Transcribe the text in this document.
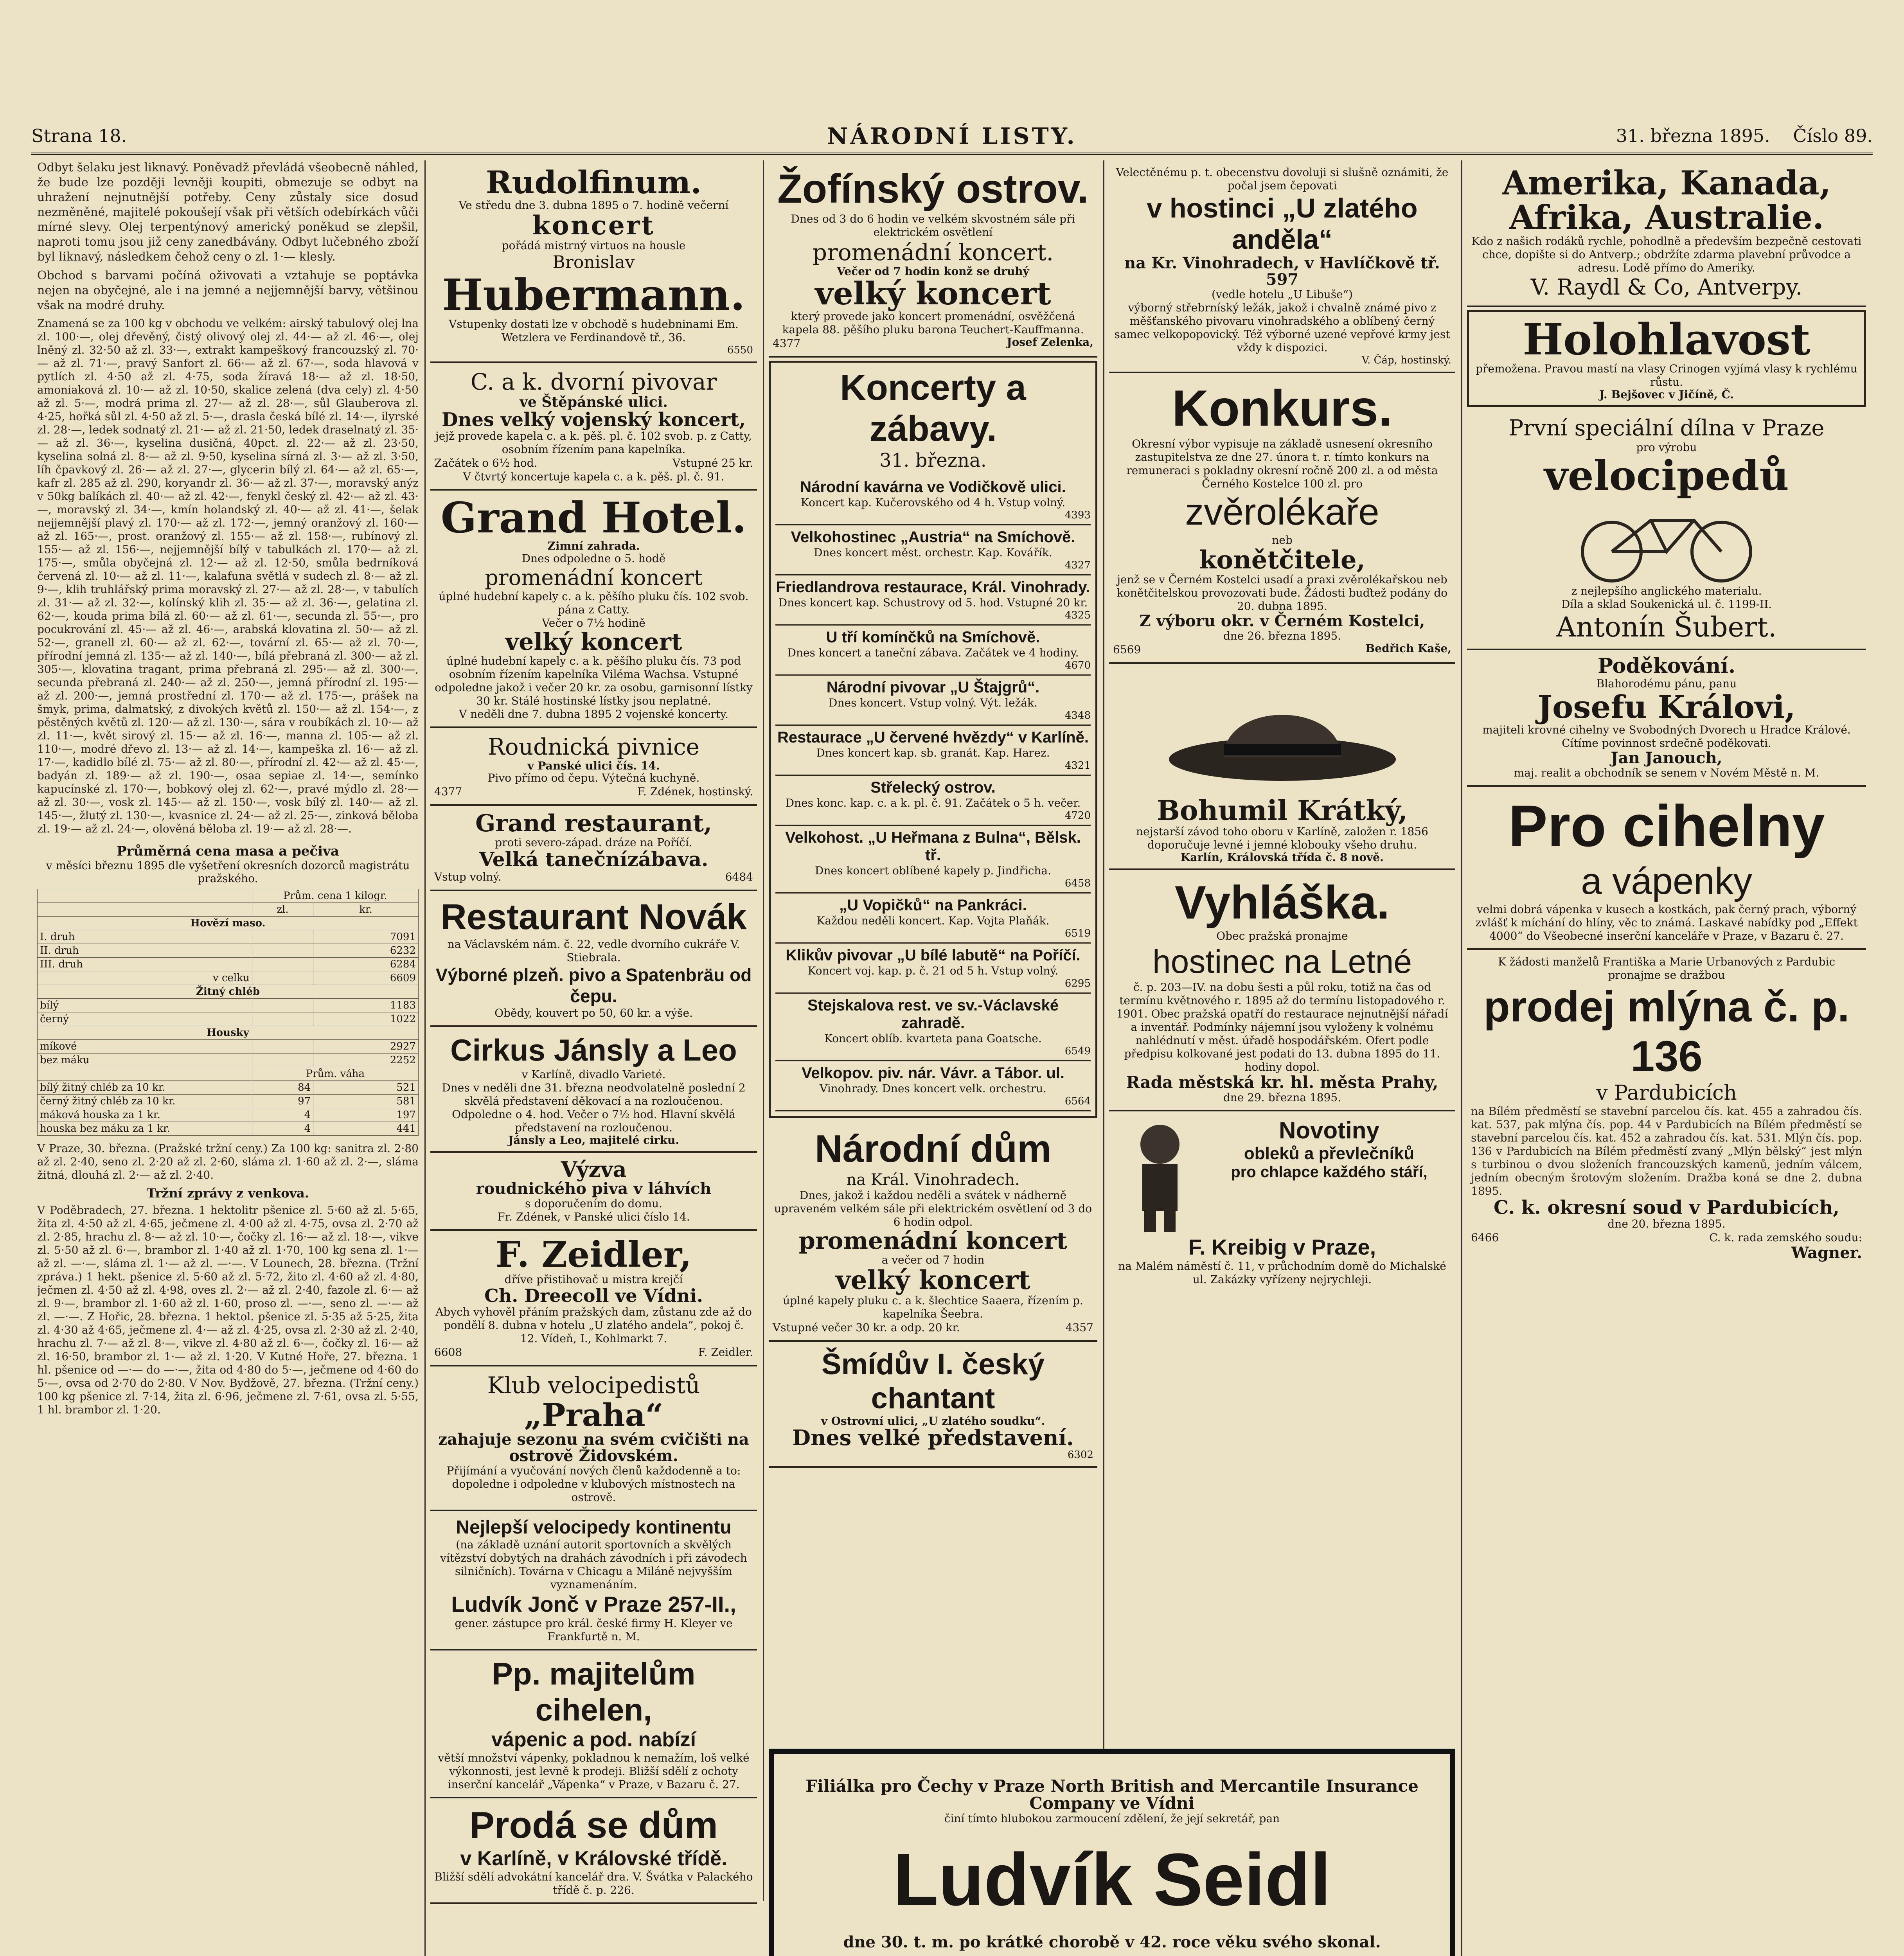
Strana 18.	NÁRODNÍ LISTY.	31. března 1895. Číslo 89.

Odbyt šelaku jest liknavý. Poněvadž převládá všeobecně náhled, že bude lze později levněji koupiti, obmezuje se odbyt na uhražení nejnutnější potřeby. Ceny zůstaly sice dosud nezměněné, majitelé pokoušejí však při větších odebírkách vůči mírné slevy. Olej terpentýnový americký poněkud se zlepšil, naproti tomu jsou již ceny zanedbávány. Odbyt lučebného zboží byl liknavý, následkem čehož ceny o zl. 1·— klesly.

Obchod s barvami počíná oživovati a vztahuje se poptávka nejen na obyčejné, ale i na jemné a nejjemnější barvy, většinou však na modré druhy.

Znamená se za 100 kg v obchodu ve velkém: airský tabulový olej lna zl. 100·—, olej dřevěný, čistý olivový olej zl. 44·— až zl. 46·—, olej lněný zl. 32·50 až zl. 33·—, extrakt kampeškový francouzský zl. 70·— až zl. 71·—, pravý Sanfort zl. 66·— až zl. 67·—, soda hlavová v pytlích zl. 4·50 až zl. 4·75, soda žíravá 18·— až zl. 18·50, amoniaková zl. 10·— až zl. 10·50, skalice zelená (dva cely) zl. 4·50 až zl. 5·—, modrá prima zl. 27·— až zl. 28·—, sůl Glauberova zl. 4·25, hořká sůl zl. 4·50 až zl. 5·—, drasla česká bílé zl. 14·—, ilyrské zl. 28·—, ledek sodnatý zl. 21·— až zl. 21·50, ledek draselnatý zl. 35·— až zl. 36·—, kyselina dusičná, 40pct. zl. 22·— až zl. 23·50, kyselina solná zl. 8·— až zl. 9·50, kyselina sírná zl. 3·— až zl. 3·50, líh čpavkový zl. 26·— až zl. 27·—, glycerin bílý zl. 64·— až zl. 65·—, kafr zl. 285 až zl. 290, koryandr zl. 36·— až zl. 37·—, moravský anýz v 50kg balíkách zl. 40·— až zl. 42·—, fenykl český zl. 42·— až zl. 43·—, moravský zl. 34·—, kmín holandský zl. 40·— až zl. 41·—, šelak nejjemnější plavý zl. 170·— až zl. 172·—, jemný oranžový zl. 160·— až zl. 165·—, prost. oranžový zl. 155·— až zl. 158·—, rubínový zl. 155·— až zl. 156·—, nejjemnější bílý v tabulkách zl. 170·— až zl. 175·—, smůla obyčejná zl. 12·— až zl. 12·50, smůla bedrníková červená zl. 10·— až zl. 11·—, kalafuna světlá v sudech zl. 8·— až zl. 9·—, klih truhlářský prima moravský zl. 27·— až zl. 28·—, v tabulích zl. 31·— až zl. 32·—, kolínský klih zl. 35·— až zl. 36·—, gelatina zl. 62·—, kouda prima bílá zl. 60·— až zl. 61·—, secunda zl. 55·—, pro pocukrování zl. 45·— až zl. 46·—, arabská klovatina zl. 50·— až zl. 52·—, granell zl. 60·— až zl. 62·—, tovární zl. 65·— až zl. 70·—, přírodní jemná zl. 135·— až zl. 140·—, bílá přebraná zl. 300·— až zl. 305·—, klovatina tragant, prima přebraná zl. 295·— až zl. 300·—, secunda přebraná zl. 240·— až zl. 250·—, jemná přírodní zl. 195·— až zl. 200·—, jemná prostřední zl. 170·— až zl. 175·—, prášek na šmyk, prima, dalmatský, z divokých květů zl. 150·— až zl. 154·—, z pěstěných květů zl. 120·— až zl. 130·—, sára v roubíkách zl. 10·— až zl. 11·—, květ sirový zl. 15·— až zl. 16·—, manna zl. 105·— až zl. 110·—, modré dřevo zl. 13·— až zl. 14·—, kampeška zl. 16·— až zl. 17·—, kadidlo bílé zl. 75·— až zl. 80·—, přírodní zl. 42·— až zl. 45·—, badyán zl. 189·— až zl. 190·—, osaa sepiae zl. 14·—, semínko kapucínské zl. 170·—, bobkový olej zl. 62·—, pravé mýdlo zl. 28·— až zl. 30·—, vosk zl. 145·— až zl. 150·—, vosk bílý zl. 140·— až zl. 145·—, žlutý zl. 130·—, kvasnice zl. 24·— až zl. 25·—, zinková běloba zl. 19·— až zl. 24·—, olověná běloba zl. 19·— až zl. 28·—.

Průměrná cena masa a pečiva
v měsíci březnu 1895 dle vyšetření okresních dozorců magistrátu pražského.
	Prům. cena 1 kilogr.	
	zl.	kr.
Hovězí maso.		
I. druh		7091
II. druh		6232
III. druh		6284
v celku		6609
Žitný chléb		
bílý		1183
černý		1022
Housky		
míkové		2927
bez máku		2252
	Prům. váha	
bílý žitný chléb za 10 kr.	84	521
černý žitný chléb za 10 kr.	97	581
máková houska za 1 kr.	4	197
houska bez máku za 1 kr.	4	441

V Praze, 30. března. (Pražské tržní ceny.) Za 100 kg: sanitra zl. 2·80 až zl. 2·40, seno zl. 2·20 až zl. 2·60, sláma zl. 1·60 až zl. 2·—, sláma žitná, dlouhá zl. 2·— až zl. 2·40.

Tržní zprávy z venkova.

V Poděbradech, 27. března. 1 hektolitr pšenice zl. 5·60 až zl. 5·65, žita zl. 4·50 až zl. 4·65, ječmene zl. 4·00 až zl. 4·75, ovsa zl. 2·70 až zl. 2·85, hrachu zl. 8·— až zl. 10·—, čočky zl. 16·— až zl. 18·—, vikve zl. 5·50 až zl. 6·—, brambor zl. 1·40 až zl. 1·70, 100 kg sena zl. 1·— až zl. —·—, sláma zl. 1·— až zl. —·—. V Lounech, 28. března. (Tržní zpráva.) 1 hekt. pšenice zl. 5·60 až zl. 5·72, žito zl. 4·60 až zl. 4·80, ječmen zl. 4·50 až zl. 4·98, oves zl. 2·— až zl. 2·40, fazole zl. 6·— až zl. 9·—, brambor zl. 1·60 až zl. 1·60, proso zl. —·—, seno zl. —·— až zl. —·—. Z Hořic, 28. března. 1 hektol. pšenice zl. 5·35 až 5·25, žita zl. 4·30 až 4·65, ječmene zl. 4·— až zl. 4·25, ovsa zl. 2·30 až zl. 2·40, hrachu zl. 7·— až zl. 8·—, vikve zl. 4·80 až zl. 6·—, čočky zl. 16·— až zl. 16·50, brambor zl. 1·— až zl. 1·20. V Kutné Hoře, 27. března. 1 hl. pšenice od —·— do —·—, žita od 4·80 do 5·—, ječmene od 4·60 do 5·—, ovsa od 2·70 do 2·80. V Nov. Bydžově, 27. března. (Tržní ceny.) 100 kg pšenice zl. 7·14, žita zl. 6·96, ječmene zl. 7·61, ovsa zl. 5·55, 1 hl. brambor zl. 1·20.

Rudolfinum.
Ve středu dne 3. dubna 1895 o 7. hodině večerní
koncert
pořádá mistrný virtuos na housle
Bronislav
Hubermann.
Vstupenky dostati lze v obchodě s hudebninami Em. Wetzlera ve Ferdinandově tř., 36.
6550
C. a k. dvorní pivovar
ve Štěpánské ulici.
Dnes velký vojenský koncert,
jejž provede kapela c. a k. pěš. pl. č. 102 svob. p. z Catty, osobním řízením pana kapelníka.
Začátek o 6½ hod.	Vstupné 25 kr.
V čtvrtý koncertuje kapela c. a k. pěš. pl. č. 91.
Grand Hotel.
Zimní zahrada.
Dnes odpoledne o 5. hodě
promenádní koncert
úplné hudební kapely c. a k. pěšího pluku čís. 102 svob. pána z Catty.
Večer o 7½ hodině
velký koncert
úplné hudební kapely c. a k. pěšího pluku čís. 73 pod osobním řízením kapelníka Viléma Wachsa. Vstupné odpoledne jakož i večer 20 kr. za osobu, garnisonní lístky 30 kr. Stálé hostinské lístky jsou neplatné.
V neděli dne 7. dubna 1895 2 vojenské koncerty.
Roudnická pivnice
v Panské ulici čís. 14.
Pivo přímo od čepu. Výtečná kuchyně.
4377	F. Zdének, hostinský.
Grand restaurant,
proti severo-západ. dráze na Poříčí.
Velká tanečnízábava.
Vstup volný.	6484
Restaurant Novák
na Václavském nám. č. 22, vedle dvorního cukráře V. Stiebrala.
Výborné plzeň. pivo a Spatenbräu od čepu.
Obědy, kouvert po 50, 60 kr. a výše.
Cirkus Jánsly a Leo
v Karlíně, divadlo Varieté.
Dnes v neděli dne 31. března neodvolatelně poslední 2 skvělá představení děkovací a na rozloučenou. Odpoledne o 4. hod. Večer o 7½ hod. Hlavní skvělá představení na rozloučenou.
Jánsly a Leo, majitelé cirku.
Výzva
roudnického piva v láhvích
s doporučením do domu.
Fr. Zdének, v Panské ulici číslo 14.
F. Zeidler,
dříve přistihovač u mistra krejčí
Ch. Dreecoll ve Vídni.
Abych vyhověl přáním pražských dam, zůstanu zde až do pondělí 8. dubna v hotelu „U zlatého andela“, pokoj č. 12. Vídeň, I., Kohlmarkt 7.
6608	F. Zeidler.
Klub velocipedistů
„Praha“
zahajuje sezonu na svém cvičišti na ostrově Židovském.
Přijímání a vyučování nových členů každodenně a to: dopoledne i odpoledne v klubových místnostech na ostrově.
Nejlepší velocipedy kontinentu
(na základě uznání autorit sportovních a skvělých vítězství dobytých na drahách závodních i při závodech silničních). Továrna v Chicagu a Miláně nejvyšším vyznamenáním.
Ludvík Jonč v Praze 257-II.,
gener. zástupce pro král. české firmy H. Kleyer ve Frankfurtě n. M.
Pp. majitelům cihelen,
vápenic a pod. nabízí
větší množství vápenky, pokladnou k nemažím, loš velké výkonnosti, jest levně k prodeji. Bližší sdělí z ochoty inserční kancelář „Vápenka“ v Praze, v Bazaru č. 27.
Prodá se dům
v Karlíně, v Královské třídě.
Bližší sdělí advokátní kancelář dra. V. Švátka v Palackého třídě č. p. 226.
Žofínský ostrov.
Dnes od 3 do 6 hodin ve velkém skvostném sále při elektrickém osvětlení
promenádní koncert.
Večer od 7 hodin konž se druhý
velký koncert
který provede jako koncert promenádní, osvěžčená kapela 88. pěšího pluku barona Teuchert-Kauffmanna.
4377	Josef Zelenka,
Koncerty a zábavy.
31. března.
Národní kavárna ve Vodičkově ulici.
Koncert kap. Kučerovského od 4 h. Vstup volný.
4393
Velkohostinec „Austria“ na Smíchově.
Dnes koncert měst. orchestr. Kap. Kovářík.
4327
Friedlandrova restaurace, Král. Vinohrady.
Dnes koncert kap. Schustrovy od 5. hod. Vstupné 20 kr.
4325
U tří komínčků na Smíchově.
Dnes koncert a taneční zábava. Začátek ve 4 hodiny.
4670
Národní pivovar „U Štajgrů“.
Dnes koncert. Vstup volný. Výt. ležák.
4348
Restaurace „U červené hvězdy“ v Karlíně.
Dnes koncert kap. sb. granát. Kap. Harez.
4321
Střelecký ostrov.
Dnes konc. kap. c. a k. pl. č. 91. Začátek o 5 h. večer.
4720
Velkohost. „U Heřmana z Bulna“, Bělsk. tř.
Dnes koncert oblíbené kapely p. Jindřicha.
6458
„U Vopičků“ na Pankráci.
Každou neděli koncert. Kap. Vojta Plaňák.
6519
Klikův pivovar „U bílé labutě“ na Poříčí.
Koncert voj. kap. p. č. 21 od 5 h. Vstup volný.
6295
Stejskalova rest. ve sv.-Václavské zahradě.
Koncert oblíb. kvarteta pana Goatsche.
6549
Velkopov. piv. nár. Vávr. a Tábor. ul.
Vinohrady. Dnes koncert velk. orchestru.
6564
Národní dům
na Král. Vinohradech.
Dnes, jakož i každou neděli a svátek v nádherně upraveném velkém sále při elektrickém osvětlení od 3 do 6 hodin odpol.
promenádní koncert
a večer od 7 hodin
velký koncert
úplné kapely pluku c. a k. šlechtice Saaera, řízením p. kapelníka Šeebra.
Vstupné večer 30 kr. a odp. 20 kr.	4357
Šmídův I. český chantant
v Ostrovní ulici, „U zlatého soudku“.
Dnes velké představení.
6302
Velectěnému p. t. obecenstvu dovoluji si slušně oznámiti, že počal jsem čepovati
v hostinci „U zlatého anděla“
na Kr. Vinohradech, v Havlíčkově tř. 597
(vedle hotelu „U Libuše“)
výborný střebrníský ležák, jakož i chvalně známé pivo z měšťanského pivovaru vinohradského a oblíbený černý samec velkopopovický. Též výborné uzené vepřové krmy jest vždy k dispozici.
V. Čáp, hostinský.
Konkurs.
Okresní výbor vypisuje na základě usnesení okresního zastupitelstva ze dne 27. února t. r. tímto konkurs na remuneraci s pokladny okresní ročně 200 zl. a od města Černého Kostelce 100 zl. pro
zvěrolékaře
neb
konětčitele,
jenž se v Černém Kostelci usadí a praxi zvěrolékařskou neb konětčitelskou provozovati bude. Žádosti buďtež podány do 20. dubna 1895.
Z výboru okr. v Černém Kostelci,
dne 26. března 1895.
6569	Bedřich Kaše,
Bohumil Krátký,
nejstarší závod toho oboru v Karlíně, založen r. 1856 doporučuje levné i jemné klobouky všeho druhu.
Karlín, Královská třída č. 8 nově.
Vyhláška.
Obec pražská pronajme
hostinec na Letné
č. p. 203—IV. na dobu šesti a půl roku, totiž na čas od termínu květnového r. 1895 až do termínu listopadového r. 1901. Obec pražská opatří do restaurace nejnutnější nářadí a inventář. Podmínky nájemní jsou vyloženy k volnému nahlédnutí v měst. úřadě hospodářském. Ofert podle předpisu kolkované jest podati do 13. dubna 1895 do 11. hodiny dopol.
Rada městská kr. hl. města Prahy,
dne 29. března 1895.
Novotiny
obleků a převlečníků
pro chlapce každého stáří,
F. Kreibig v Praze,
na Malém náměstí č. 11, v průchodním domě do Michalské ul. Zakázky vyřízeny nejrychleji.
Amerika, Kanada,
Afrika, Australie.
Kdo z našich rodáků rychle, pohodlně a především bezpečně cestovati chce, dopište si do Antverp.; obdržíte zdarma plavební průvodce a adresu. Lodě přímo do Ameriky.
V. Raydl & Co, Antverpy.
Holohlavost
přemožena. Pravou mastí na vlasy Crinogen vyjímá vlasy k rychlému růstu.
J. Bejšovec v Jičíně, Č.
První speciální dílna v Praze
pro výrobu
velocipedů
z nejlepšího anglického materialu.
Díla a sklad Soukenická ul. č. 1199-II.
Antonín Šubert.
Poděkování.
Blahorodému pánu, panu
Josefu Královi,
majiteli krovné cihelny ve Svobodných Dvorech u Hradce Králové. Cítíme povinnost srdečně poděkovati.
Jan Janouch,
maj. realit a obchodník se senem v Novém Městě n. M.
Pro cihelny
a vápenky
velmi dobrá vápenka v kusech a kostkách, pak černý prach, výborný zvlášť k míchání do hlíny, věc to známá. Laskavé nabídky pod „Effekt 4000“ do Všeobecné inserční kanceláře v Praze, v Bazaru č. 27.
K žádosti manželů Františka a Marie Urbanových z Pardubic pronajme se dražbou
prodej mlýna č. p. 136
v Pardubicích
na Bílém předměstí se stavební parcelou čís. kat. 455 a zahradou čís. kat. 537, pak mlýna čís. pop. 44 v Pardubicích na Bílém předměstí se stavební parcelou čís. kat. 452 a zahradou čís. kat. 531. Mlýn čís. pop. 136 v Pardubicích na Bílém předměstí zvaný „Mlýn bělský“ jest mlýn s turbinou o dvou složeních francouzských kamenů, jedním válcem, jedním obecným šrotovým složením. Dražba koná se dne 2. dubna 1895.
C. k. okresní soud v Pardubicích,
dne 20. března 1895.
6466	C. k. rada zemského soudu:
Wagner.
Filiálka pro Čechy v Praze North British and Mercantile Insurance Company ve Vídni
činí tímto hlubokou zarmoucení zdělení, že její sekretář, pan
Ludvík Seidl
dne 30. t. m. po krátké chorobě v 42. roce věku svého skonal.
